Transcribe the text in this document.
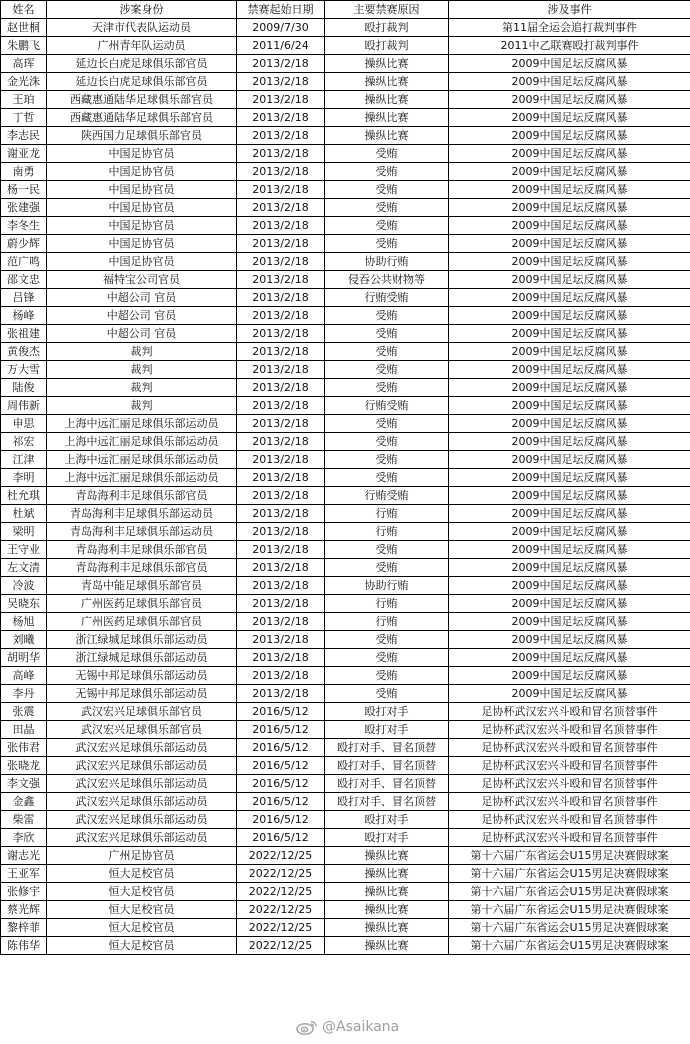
姓名	涉案身份	禁赛起始日期	主要禁赛原因	涉及事件
赵世桐	天津市代表队运动员	2009/7/30	殴打裁判	第11届全运会追打裁判事件
朱鹏飞	广州青年队运动员	2011/6/24	殴打裁判	2011中乙联赛殴打裁判事件
高珲	延边长白虎足球俱乐部官员	2013/2/18	操纵比赛	2009中国足坛反腐风暴
金光洙	延边长白虎足球俱乐部官员	2013/2/18	操纵比赛	2009中国足坛反腐风暴
王珀	西藏惠通陆华足球俱乐部官员	2013/2/18	操纵比赛	2009中国足坛反腐风暴
丁哲	西藏惠通陆华足球俱乐部官员	2013/2/18	操纵比赛	2009中国足坛反腐风暴
李志民	陕西国力足球俱乐部官员	2013/2/18	操纵比赛	2009中国足坛反腐风暴
谢亚龙	中国足协官员	2013/2/18	受贿	2009中国足坛反腐风暴
南勇	中国足协官员	2013/2/18	受贿	2009中国足坛反腐风暴
杨一民	中国足协官员	2013/2/18	受贿	2009中国足坛反腐风暴
张建强	中国足协官员	2013/2/18	受贿	2009中国足坛反腐风暴
李冬生	中国足协官员	2013/2/18	受贿	2009中国足坛反腐风暴
蔚少辉	中国足协官员	2013/2/18	受贿	2009中国足坛反腐风暴
范广鸣	中国足协官员	2013/2/18	协助行贿	2009中国足坛反腐风暴
邵文忠	福特宝公司官员	2013/2/18	侵吞公共财物等	2009中国足坛反腐风暴
吕锋	中超公司 官员	2013/2/18	行贿受贿	2009中国足坛反腐风暴
杨峰	中超公司 官员	2013/2/18	受贿	2009中国足坛反腐风暴
张祖建	中超公司 官员	2013/2/18	受贿	2009中国足坛反腐风暴
黄俊杰	裁判	2013/2/18	受贿	2009中国足坛反腐风暴
万大雪	裁判	2013/2/18	受贿	2009中国足坛反腐风暴
陆俊	裁判	2013/2/18	受贿	2009中国足坛反腐风暴
周伟新	裁判	2013/2/18	行贿受贿	2009中国足坛反腐风暴
申思	上海中远汇丽足球俱乐部运动员	2013/2/18	受贿	2009中国足坛反腐风暴
祁宏	上海中远汇丽足球俱乐部运动员	2013/2/18	受贿	2009中国足坛反腐风暴
江津	上海中远汇丽足球俱乐部运动员	2013/2/18	受贿	2009中国足坛反腐风暴
李明	上海中远汇丽足球俱乐部运动员	2013/2/18	受贿	2009中国足坛反腐风暴
杜允琪	青岛海利丰足球俱乐部官员	2013/2/18	行贿受贿	2009中国足坛反腐风暴
杜斌	青岛海利丰足球俱乐部运动员	2013/2/18	行贿	2009中国足坛反腐风暴
梁明	青岛海利丰足球俱乐部运动员	2013/2/18	行贿	2009中国足坛反腐风暴
王守业	青岛海利丰足球俱乐部官员	2013/2/18	受贿	2009中国足坛反腐风暴
左文清	青岛海利丰足球俱乐部官员	2013/2/18	受贿	2009中国足坛反腐风暴
冷波	青岛中能足球俱乐部官员	2013/2/18	协助行贿	2009中国足坛反腐风暴
吴晓东	广州医药足球俱乐部官员	2013/2/18	行贿	2009中国足坛反腐风暴
杨旭	广州医药足球俱乐部官员	2013/2/18	行贿	2009中国足坛反腐风暴
刘曦	浙江绿城足球俱乐部运动员	2013/2/18	受贿	2009中国足坛反腐风暴
胡明华	浙江绿城足球俱乐部运动员	2013/2/18	受贿	2009中国足坛反腐风暴
高峰	无锡中邦足球俱乐部运动员	2013/2/18	受贿	2009中国足坛反腐风暴
李丹	无锡中邦足球俱乐部运动员	2013/2/18	受贿	2009中国足坛反腐风暴
张震	武汉宏兴足球俱乐部官员	2016/5/12	殴打对手	足协杯武汉宏兴斗殴和冒名顶替事件
田晶	武汉宏兴足球俱乐部官员	2016/5/12	殴打对手	足协杯武汉宏兴斗殴和冒名顶替事件
张伟君	武汉宏兴足球俱乐部运动员	2016/5/12	殴打对手、冒名顶替	足协杯武汉宏兴斗殴和冒名顶替事件
张晓龙	武汉宏兴足球俱乐部运动员	2016/5/12	殴打对手、冒名顶替	足协杯武汉宏兴斗殴和冒名顶替事件
李文强	武汉宏兴足球俱乐部运动员	2016/5/12	殴打对手、冒名顶替	足协杯武汉宏兴斗殴和冒名顶替事件
金鑫	武汉宏兴足球俱乐部运动员	2016/5/12	殴打对手、冒名顶替	足协杯武汉宏兴斗殴和冒名顶替事件
柴雷	武汉宏兴足球俱乐部运动员	2016/5/12	殴打对手	足协杯武汉宏兴斗殴和冒名顶替事件
李欣	武汉宏兴足球俱乐部运动员	2016/5/12	殴打对手	足协杯武汉宏兴斗殴和冒名顶替事件
谢志光	广州足协官员	2022/12/25	操纵比赛	第十六届广东省运会U15男足决赛假球案
王亚军	恒大足校官员	2022/12/25	操纵比赛	第十六届广东省运会U15男足决赛假球案
张修宇	恒大足校官员	2022/12/25	操纵比赛	第十六届广东省运会U15男足决赛假球案
蔡光辉	恒大足校官员	2022/12/25	操纵比赛	第十六届广东省运会U15男足决赛假球案
黎梓菲	恒大足校官员	2022/12/25	操纵比赛	第十六届广东省运会U15男足决赛假球案
陈伟华	恒大足校官员	2022/12/25	操纵比赛	第十六届广东省运会U15男足决赛假球案
@Asaikana
